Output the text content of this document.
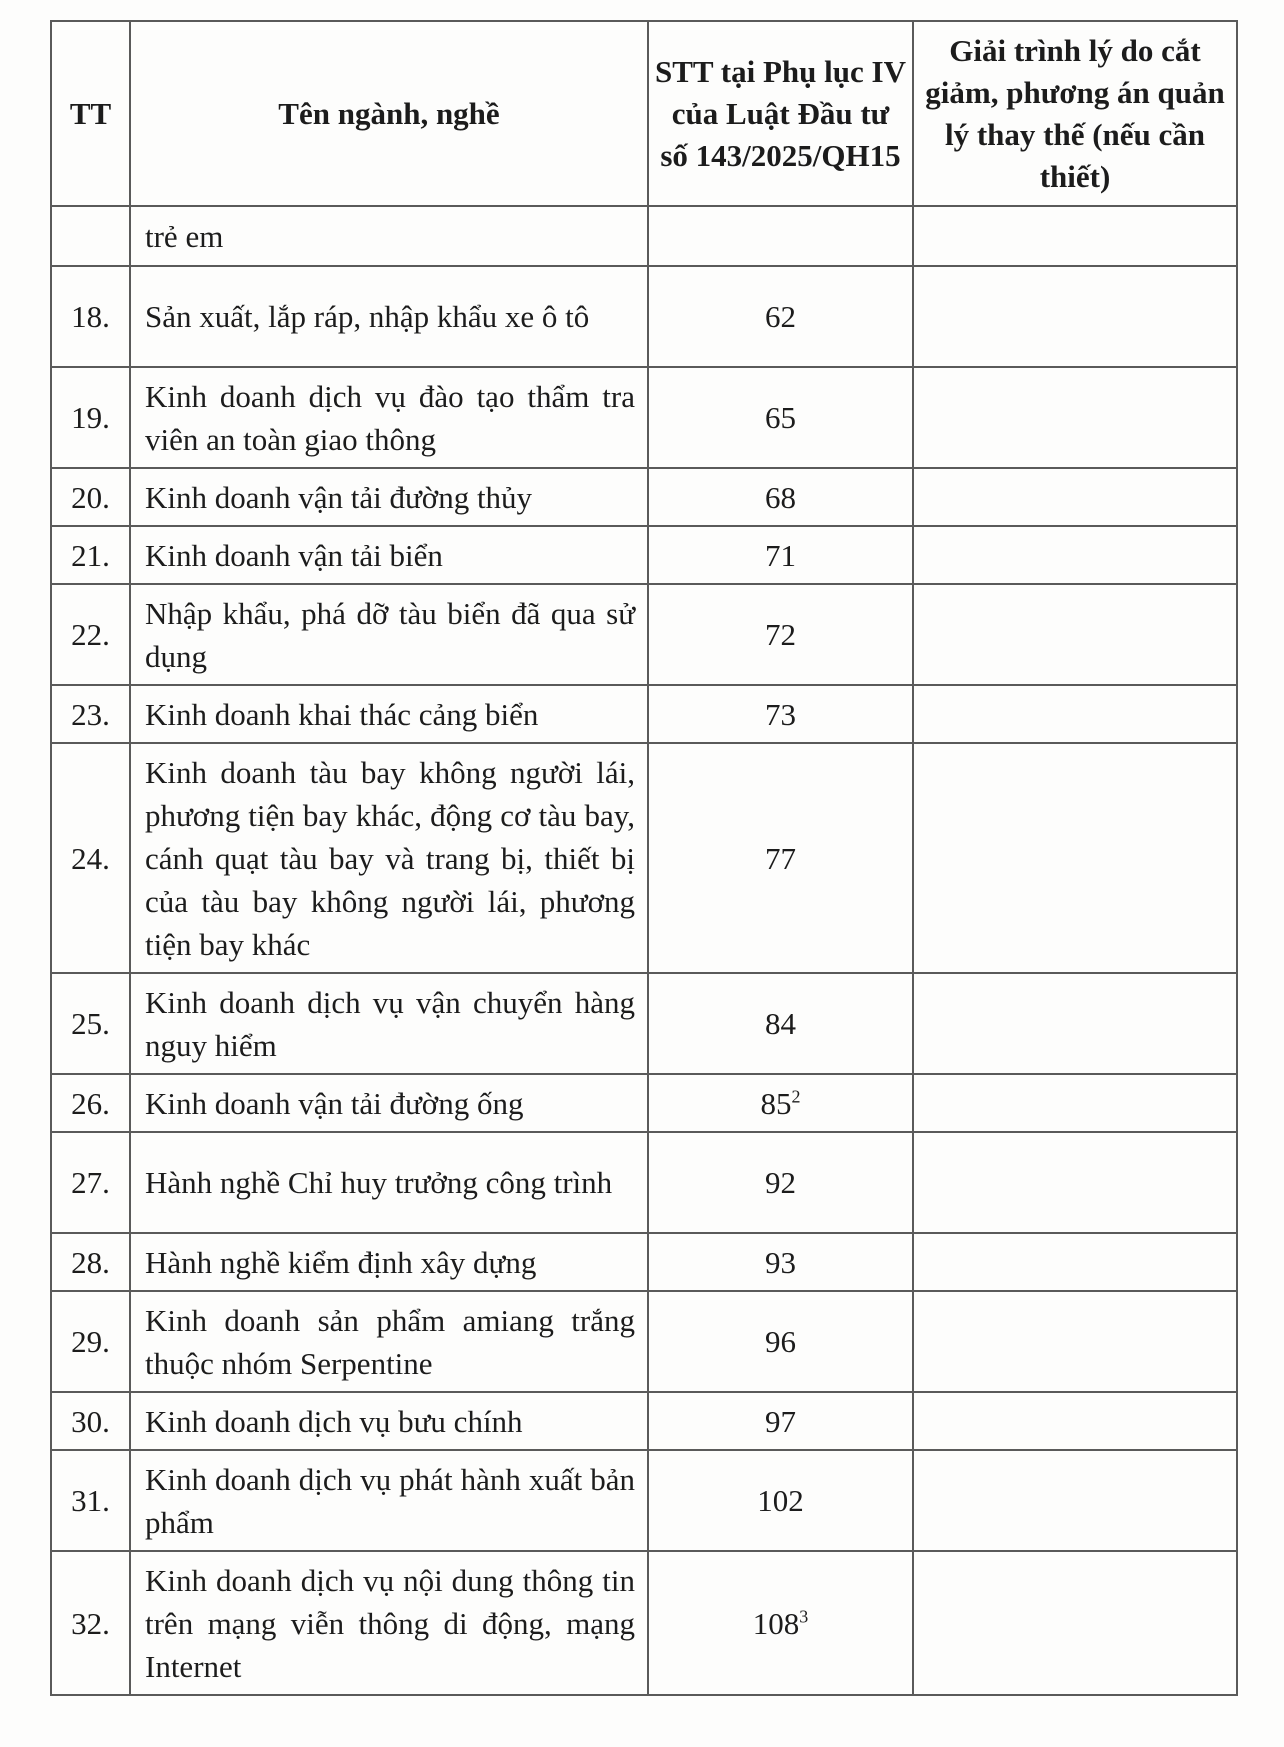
TT	Tên ngành, nghề	STT tại Phụ lục IV của Luật Đầu tư số 143/2025/QH15	Giải trình lý do cắt giảm, phương án quản lý thay thế (nếu cần thiết)
	trẻ em		
18.	Sản xuất, lắp ráp, nhập khẩu xe ô tô	62	
19.	Kinh doanh dịch vụ đào tạo thẩm tra viên an toàn giao thông	65	
20.	Kinh doanh vận tải đường thủy	68	
21.	Kinh doanh vận tải biển	71	
22.	Nhập khẩu, phá dỡ tàu biển đã qua sử dụng	72	
23.	Kinh doanh khai thác cảng biển	73	
24.	Kinh doanh tàu bay không người lái, phương tiện bay khác, động cơ tàu bay, cánh quạt tàu bay và trang bị, thiết bị của tàu bay không người lái, phương tiện bay khác	77	
25.	Kinh doanh dịch vụ vận chuyển hàng nguy hiểm	84	
26.	Kinh doanh vận tải đường ống	$85^2$	
27.	Hành nghề Chỉ huy trưởng công trình	92	
28.	Hành nghề kiểm định xây dựng	93	
29.	Kinh doanh sản phẩm amiang trắng thuộc nhóm Serpentine	96	
30.	Kinh doanh dịch vụ bưu chính	97	
31.	Kinh doanh dịch vụ phát hành xuất bản phẩm	102	
32.	Kinh doanh dịch vụ nội dung thông tin trên mạng viễn thông di động, mạng Internet	$108^3$	
